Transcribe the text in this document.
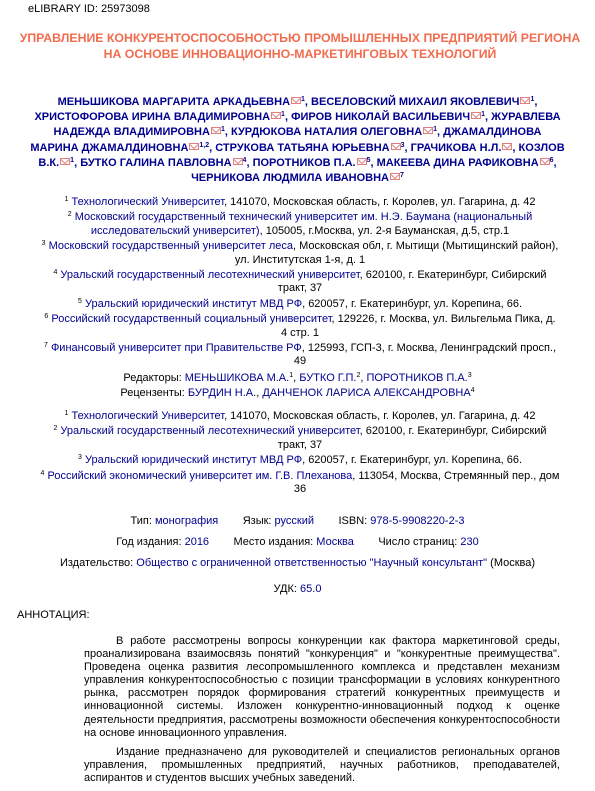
eLIBRARY ID: 25973098
УПРАВЛЕНИЕ КОНКУРЕНТОСПОСОБНОСТЬЮ ПРОМЫШЛЕННЫХ ПРЕДПРИЯТИЙ РЕГИОНА НА ОСНОВЕ ИННОВАЦИОННО-МАРКЕТИНГОВЫХ ТЕХНОЛОГИЙ
МЕНЬШИКОВА МАРГАРИТА АРКАДЬЕВНА $^1$, ВЕСЕЛОВСКИЙ МИХАИЛ ЯКОВЛЕВИЧ $^1$, ХРИСТОФОРОВА ИРИНА ВЛАДИМИРОВНА $^1$, ФИРОВ НИКОЛАЙ ВАСИЛЬЕВИЧ $^1$, ЖУРАВЛЕВА НАДЕЖДА ВЛАДИМИРОВНА $^1$, КУРДЮКОВА НАТАЛИЯ ОЛЕГОВНА $^1$, ДЖАМАЛДИНОВА МАРИНА ДЖАМАЛДИНОВНА $^{1,2}$, СТРУКОВА ТАТЬЯНА ЮРЬЕВНА $^3$, ГРАЧИКОВА Н.Л. , КОЗЛОВ В.К. $^1$, БУТКО ГАЛИНА ПАВЛОВНА $^4$, ПОРОТНИКОВ П.А. $^5$, МАКЕЕВА ДИНА РАФИКОВНА $^6$, ЧЕРНИКОВА ЛЮДМИЛА ИВАНОВНА $^7$
$^1$ Технологический Университет, 141070, Московская область, г. Королев, ул. Гагарина, д. 42
$^2$ Московский государственный технический университет им. Н.Э. Баумана (национальный исследовательский университет), 105005, г.Москва, ул. 2-я Бауманская, д.5, стр.1
$^3$ Московский государственный университет леса, Московская обл, г. Мытищи (Мытищинский район), ул. Институтская 1-я, д. 1
$^4$ Уральский государственный лесотехнический университет, 620100, г. Екатеринбург, Сибирский тракт, 37
$^5$ Уральский юридический институт МВД РФ, 620057, г. Екатеринбург, ул. Корепина, 66.
$^6$ Российский государственный социальный университет, 129226, г. Москва, ул. Вильгельма Пика, д. 4 стр. 1
$^7$ Финансовый университет при Правительстве РФ, 125993, ГСП-3, г. Москва, Ленинградский просп., 49
Редакторы: МЕНЬШИКОВА М.А.$^1$, БУТКО Г.П.$^2$, ПОРОТНИКОВ П.А.$^3$
Рецензенты: БУРДИН Н.А., ДАНЧЕНОК ЛАРИСА АЛЕКСАНДРОВНА$^4$
$^1$ Технологический Университет, 141070, Московская область, г. Королев, ул. Гагарина, д. 42
$^2$ Уральский государственный лесотехнический университет, 620100, г. Екатеринбург, Сибирский тракт, 37
$^3$ Уральский юридический институт МВД РФ, 620057, г. Екатеринбург, ул. Корепина, 66.
$^4$ Российский экономический университет им. Г.В. Плеханова, 113054, Москва, Стремянный пер., дом 36
Тип: монография Язык: русский ISBN: 978-5-9908220-2-3
Год издания: 2016 Место издания: Москва Число страниц: 230
Издательство: Общество с ограниченной ответственностью "Научный консультант" (Москва)
УДК: 65.0
АННОТАЦИЯ:

В работе рассмотрены вопросы конкуренции как фактора маркетинговой среды, проанализирована взаимосвязь понятий "конкуренция" и "конкурентные преимущества". Проведена оценка развития лесопромышленного комплекса и представлен механизм управления конкурентоспособностью с позиции трансформации в условиях конкурентного рынка, рассмотрен порядок формирования стратегий конкурентных преимуществ и инновационной системы. Изложен конкурентно-инновационный подход к оценке деятельности предприятия, рассмотрены возможности обеспечения конкурентоспособности на основе инновационного управления.

Издание предназначено для руководителей и специалистов региональных органов управления, промышленных предприятий, научных работников, преподавателей, аспирантов и студентов высших учебных заведений.
